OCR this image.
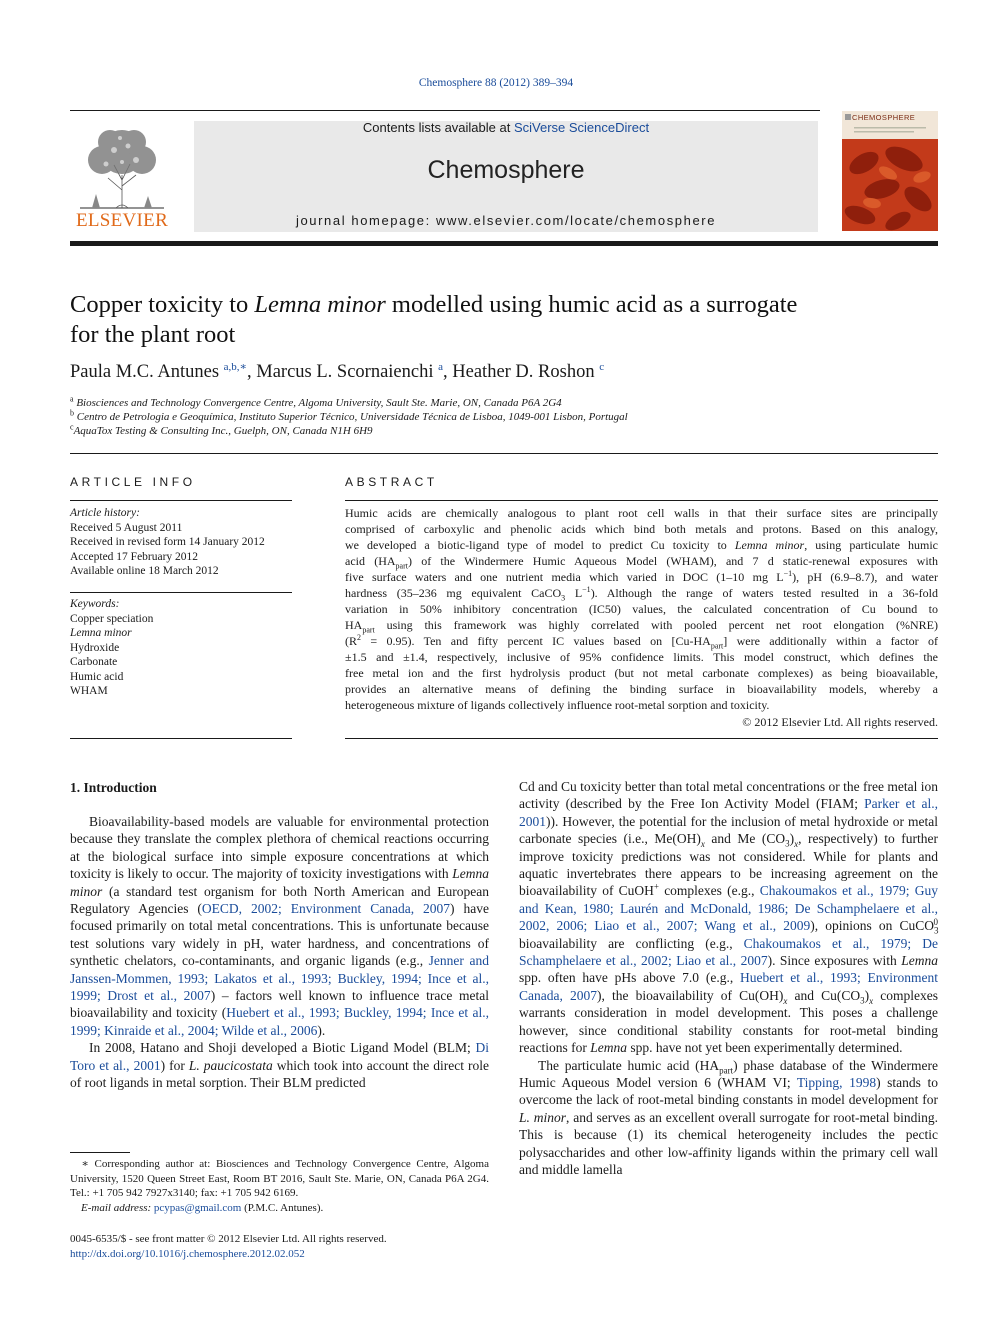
Chemosphere 88 (2012) 389–394
ELSEVIER
Contents lists available at SciVerse ScienceDirect
Chemosphere
journal homepage: www.elsevier.com/locate/chemosphere
CHEMOSPHERE
Copper toxicity to Lemna minor modelled using humic acid as a surrogate
for the plant root
Paula M.C. Antunes $^{a,b,∗}$, Marcus L. Scornaienchi $^a$, Heather D. Roshon $^c$
$^a$ Biosciences and Technology Convergence Centre, Algoma University, Sault Ste. Marie, ON, Canada P6A 2G4
$^b$ Centro de Petrologia e Geoquímica, Instituto Superior Técnico, Universidade Técnica de Lisboa, 1049-001 Lisbon, Portugal
$^c$AquaTox Testing & Consulting Inc., Guelph, ON, Canada N1H 6H9
ARTICLE INFO
Article history:
Received 5 August 2011
Received in revised form 14 January 2012
Accepted 17 February 2012
Available online 18 March 2012
Keywords:
Copper speciation
Lemna minor
Hydroxide
Carbonate
Humic acid
WHAM
ABSTRACT
Humic acids are chemically analogous to plant root cell walls in that their surface sites are principally
comprised of carboxylic and phenolic acids which bind both metals and protons. Based on this analogy,
we developed a biotic-ligand type of model to predict Cu toxicity to Lemna minor, using particulate humic
acid $(HA_{part})$ of the Windermere Humic Aqueous Model (WHAM), and 7 d static-renewal exposures with
five surface waters and one nutrient media which varied in DOC (1–10 mg $L^{-1}$), pH (6.9–8.7), and water
hardness (35–236 mg equivalent CaCO$_3$ $L^{-1}$). Although the range of waters tested resulted in a 36-fold
variation in 50% inhibitory concentration (IC50) values, the calculated concentration of Cu bound to
$HA_{part}$ using this framework was highly correlated with pooled percent net root elongation (%NRE)
$(R^2 = 0.95)$. Ten and fifty percent IC values based on $[Cu-HA_{part}]$ were additionally within a factor of
±1.5 and ±1.4, respectively, inclusive of 95% confidence limits. This model construct, which defines the
free metal ion and the first hydrolysis product (but not metal carbonate complexes) as being bioavailable,
provides an alternative means of defining the binding surface in bioavailability models, whereby a
heterogeneous mixture of ligands collectively influence root-metal sorption and toxicity.
© 2012 Elsevier Ltd. All rights reserved.
1. Introduction

Bioavailability-based models are valuable for environmental protection because they translate the complex plethora of chemical reactions occurring at the biological surface into simple exposure concentrations at which toxicity is likely to occur. The majority of toxicity investigations with Lemna minor (a standard test organism for both North American and European Regulatory Agencies (OECD, 2002; Environment Canada, 2007) have focused primarily on total metal concentrations. This is unfortunate because test solutions vary widely in pH, water hardness, and concentrations of synthetic chelators, co-contaminants, and organic ligands (e.g., Jenner and Janssen-Mommen, 1993; Lakatos et al., 1993; Buckley, 1994; Ince et al., 1999; Drost et al., 2007) – factors well known to influence trace metal bioavailability and toxicity (Huebert et al., 1993; Buckley, 1994; Ince et al., 1999; Kinraide et al., 2004; Wilde et al., 2006).

In 2008, Hatano and Shoji developed a Biotic Ligand Model (BLM; Di Toro et al., 2001) for L. paucicostata which took into account the direct role of root ligands in metal sorption. Their BLM predicted

∗ Corresponding author at: Biosciences and Technology Convergence Centre, Algoma University, 1520 Queen Street East, Room BT 2016, Sault Ste. Marie, ON, Canada P6A 2G4. Tel.: +1 705 942 7927x3140; fax: +1 705 942 6169.
E-mail address: pcypas@gmail.com (P.M.C. Antunes).
0045-6535/$ - see front matter © 2012 Elsevier Ltd. All rights reserved.
http://dx.doi.org/10.1016/j.chemosphere.2012.02.052

Cd and Cu toxicity better than total metal concentrations or the free metal ion activity (described by the Free Ion Activity Model (FIAM; Parker et al., 2001)). However, the potential for the inclusion of metal hydroxide or metal carbonate species (i.e., $Me(OH)_x$ and Me $(CO_3)_x$, respectively) to further improve toxicity predictions was not considered. While for plants and aquatic invertebrates there appears to be increasing agreement on the bioavailability of CuOH+ complexes (e.g., Chakoumakos et al., 1979; Guy and Kean, 1980; Laurén and McDonald, 1986; De Schamphelaere et al., 2002, 2006; Liao et al., 2007; Wang et al., 2009), opinions on CuCO$_3^0$ bioavailability are conflicting (e.g., Chakoumakos et al., 1979; De Schamphelaere et al., 2002; Liao et al., 2007). Since exposures with Lemna spp. often have pHs above 7.0 (e.g., Huebert et al., 1993; Environment Canada, 2007), the bioavailability of $Cu(OH)_x$ and $Cu(CO_3)_x$ complexes warrants consideration in model development. This poses a challenge however, since conditional stability constants for root-metal binding reactions for Lemna spp. have not yet been experimentally determined.

The particulate humic acid $(HA_{part})$ phase database of the Windermere Humic Aqueous Model version 6 (WHAM VI; Tipping, 1998) stands to overcome the lack of root-metal binding constants in model development for L. minor, and serves as an excellent overall surrogate for root-metal binding. This is because (1) its chemical heterogeneity includes the pectic polysaccharides and other low-affinity ligands within the primary cell wall and middle lamella
